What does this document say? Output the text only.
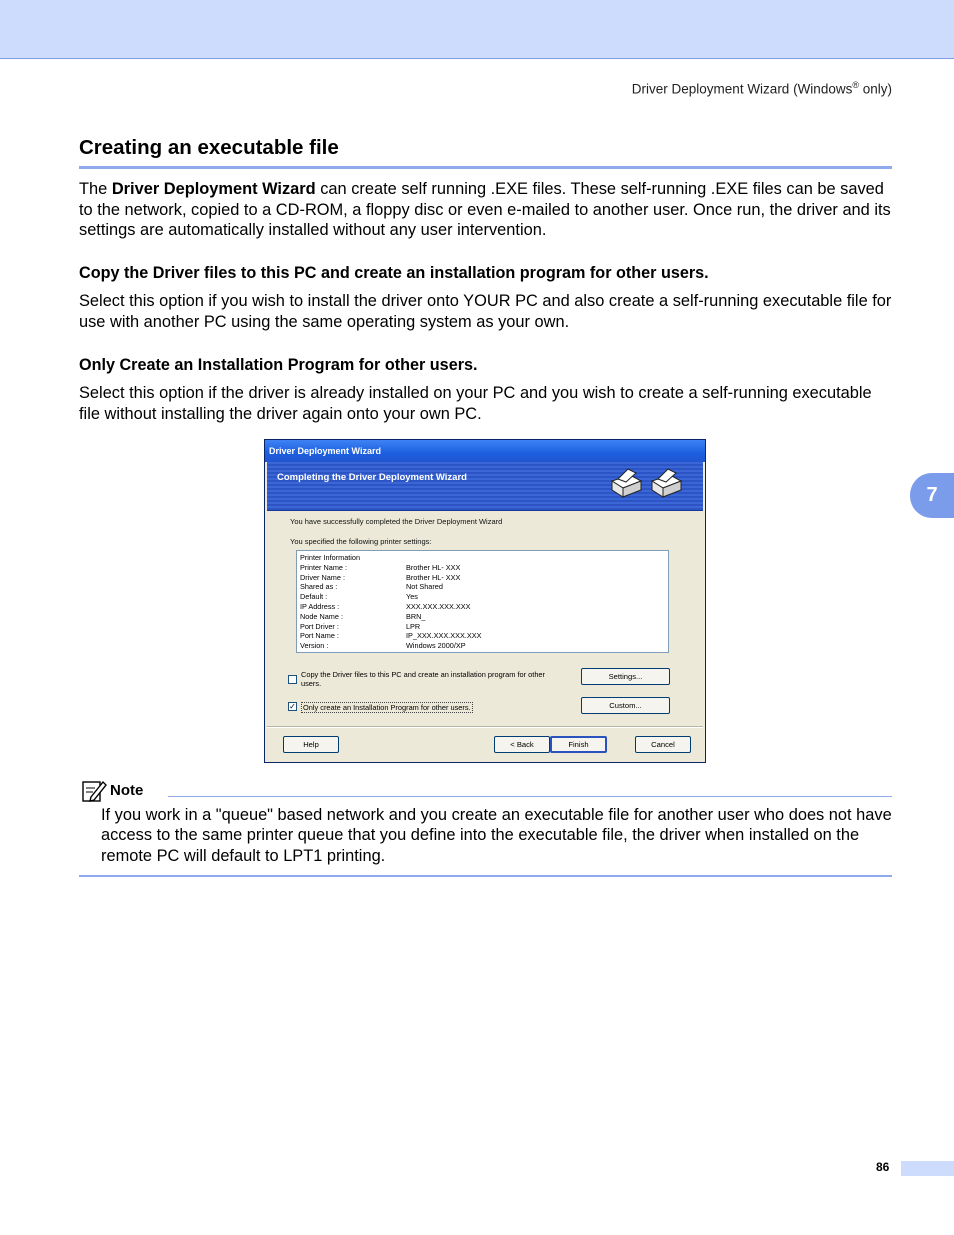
Driver Deployment Wizard (Windows® only)
Creating an executable file
The Driver Deployment Wizard can create self running .EXE files. These self-running .EXE files can be saved to the network, copied to a CD-ROM, a floppy disc or even e-mailed to another user. Once run, the driver and its settings are automatically installed without any user intervention.
Copy the Driver files to this PC and create an installation program for other users.
Select this option if you wish to install the driver onto YOUR PC and also create a self-running executable file for use with another PC using the same operating system as your own.
Only Create an Installation Program for other users.
Select this option if the driver is already installed on your PC and you wish to create a self-running executable file without installing the driver again onto your own PC.
7
Driver Deployment Wizard
Completing the Driver Deployment Wizard
You have successfully completed the Driver Deployment Wizard
You specified the following printer settings:
Printer Information
Printer Name :	Brother HL- XXX
Driver Name :	Brother HL- XXX
Shared as :	Not Shared
Default :	Yes
IP Address :	XXX.XXX.XXX.XXX
Node Name :	BRN_
Port Driver :	LPR
Port Name :	IP_XXX.XXX.XXX.XXX
Version :	Windows 2000/XP
Copy the Driver files to this PC and create an installation program for other users.
✓ Only create an Installation Program for other users.
Settings...
Custom...
Help	< Back	Finish	Cancel
Note
If you work in a "queue" based network and you create an executable file for another user who does not have access to the same printer queue that you define into the executable file, the driver when installed on the remote PC will default to LPT1 printing.
86
